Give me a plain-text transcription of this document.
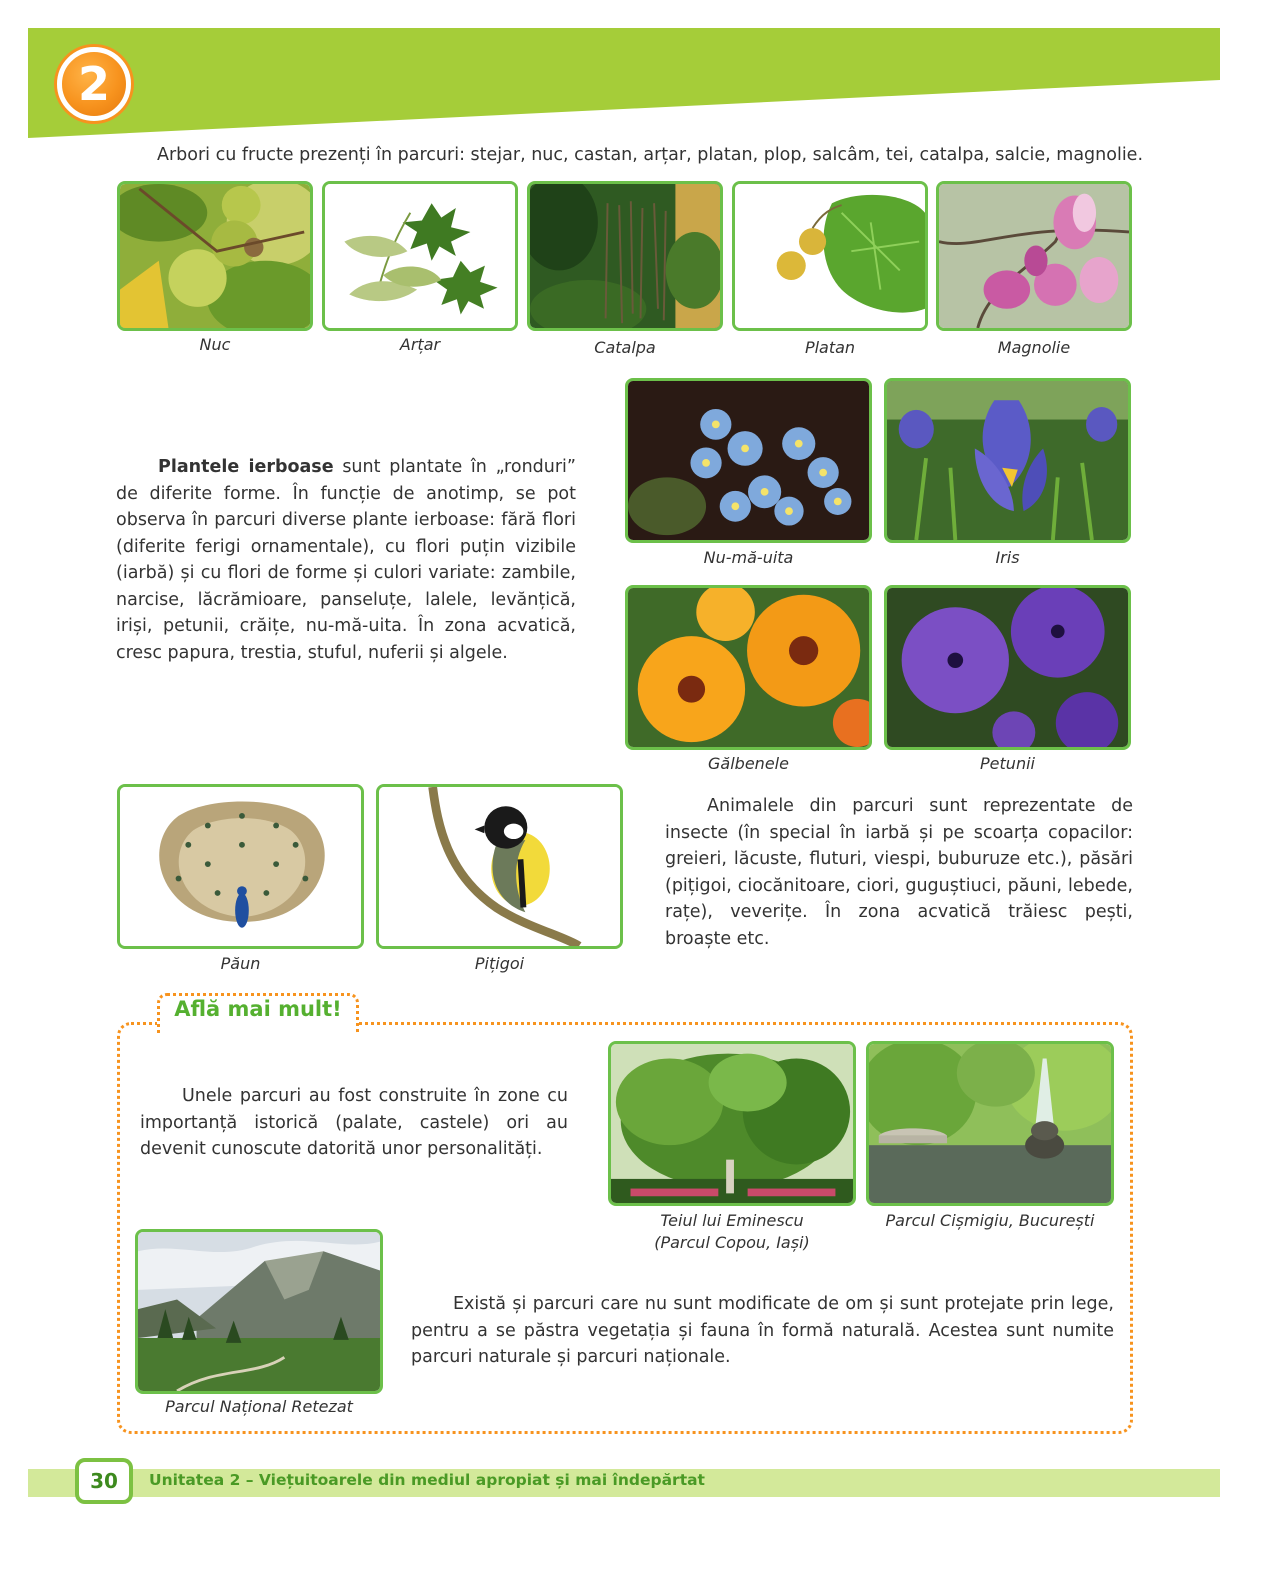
2

Arbori cu fructe prezenți în parcuri: stejar, nuc, castan, arțar, platan, plop, salcâm, tei, catalpa, salcie, magnolie.

Nuc	Arțar	Catalpa	Platan	Magnolie

Plantele ierboase sunt plantate în „ronduri” de diferite forme. În funcție de anotimp, se pot observa în parcuri diverse plante ierboase: fără flori (diferite ferigi ornamentale), cu flori puțin vizibile (iarbă) și cu flori de forme și culori variate: zambile, narcise, lăcrămioare, panseluțe, lalele, levănțică, iriși, petunii, crăițe, nu-mă-uita. În zona acvatică, cresc papura, trestia, stuful, nuferii și algele.

Nu-mă-uita	Iris
Gălbenele	Petunii
Păun	Pițigoi

Animalele din parcuri sunt reprezentate de insecte (în special în iarbă și pe scoarța copacilor: greieri, lăcuste, fluturi, viespi, buburuze etc.), păsări (pițigoi, ciocănitoare, ciori, guguștiuci, păuni, lebede, rațe), veverițe. În zona acvatică trăiesc pești, broaște etc.

Află mai mult!

Unele parcuri au fost construite în zone cu importanță istorică (palate, castele) ori au devenit cunoscute datorită unor personalități.

Teiul lui Eminescu
(Parcul Copou, Iași)
Parcul Cișmigiu, București
Parcul Național Retezat

Există și parcuri care nu sunt modificate de om și sunt protejate prin lege, pentru a se păstra vegetația și fauna în formă naturală. Acestea sunt numite parcuri naturale și parcuri naționale.

30	Unitatea 2 – Viețuitoarele din mediul apropiat și mai îndepărtat
